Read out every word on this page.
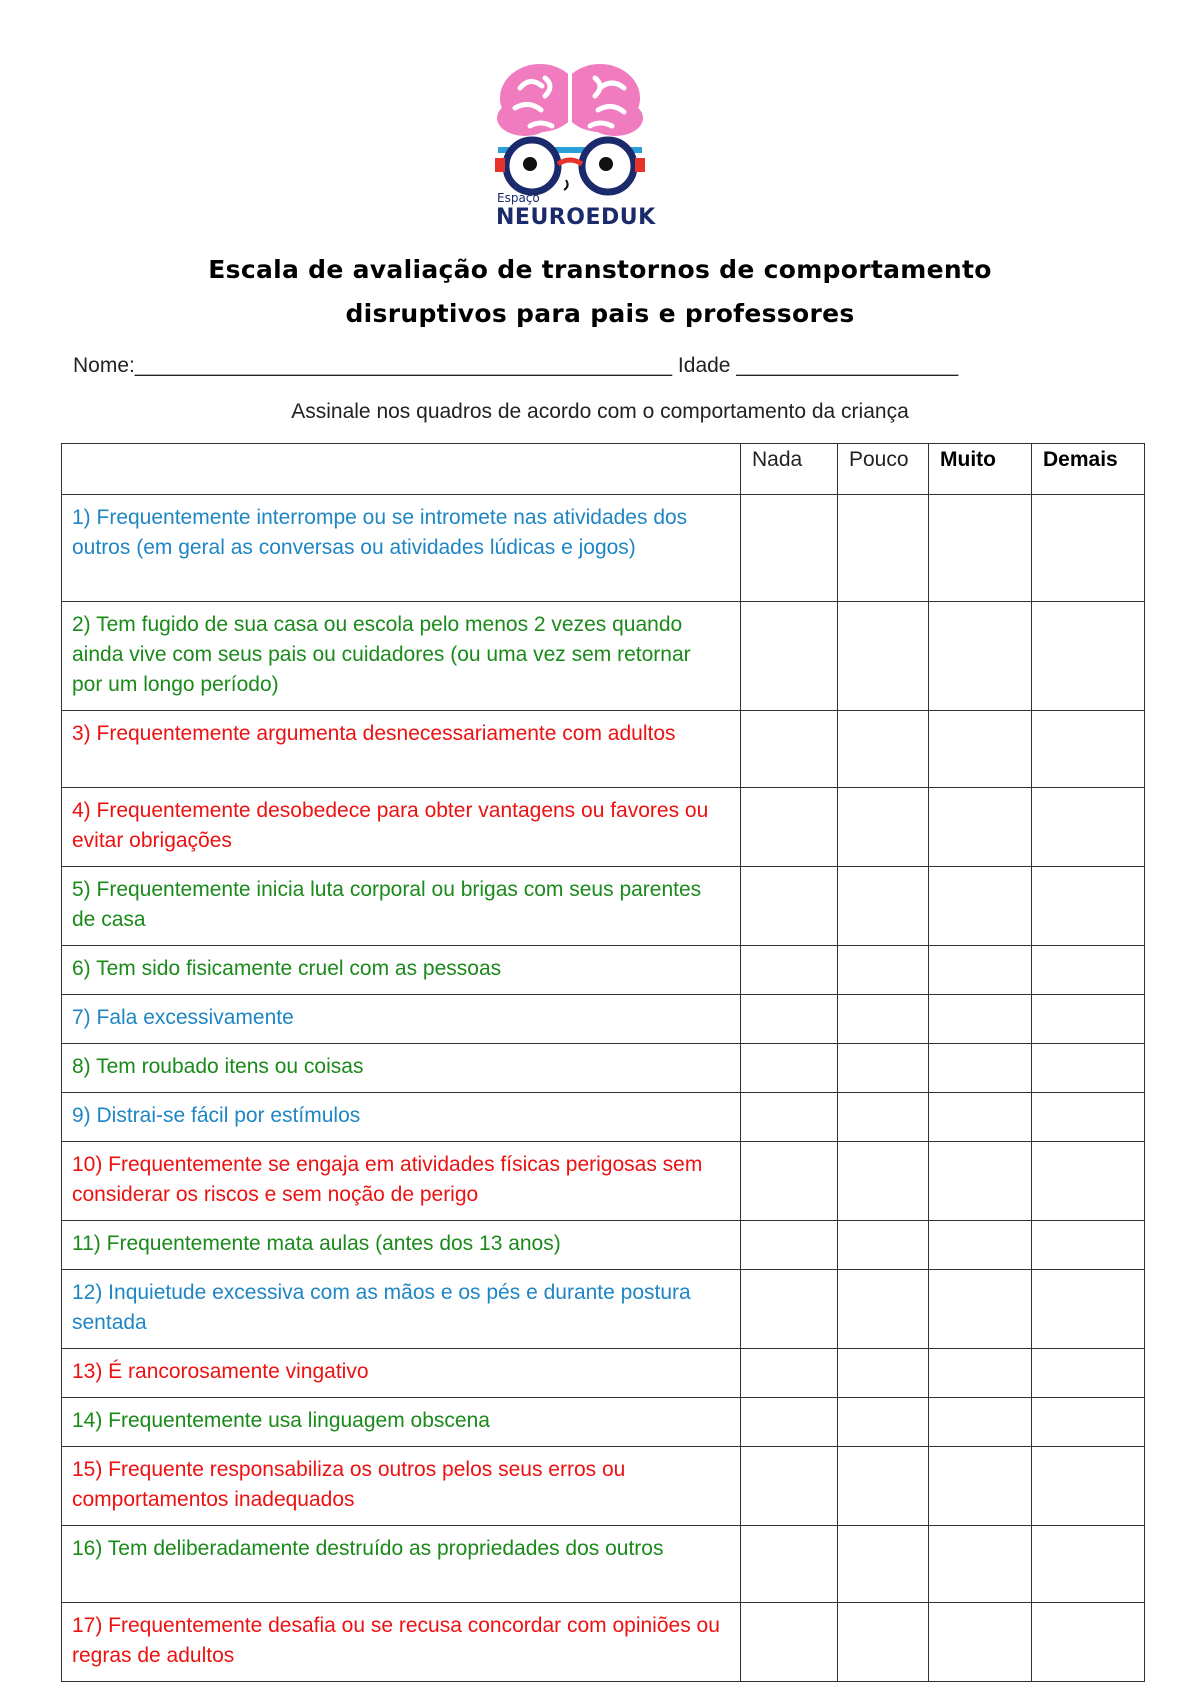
Espaço
NEUROEDUK
Escala de avaliação de transtornos de comportamento
disruptivos para pais e professores
Nome:______________________________________________ Idade ___________________
Assinale nos quadros de acordo com o comportamento da criança
	Nada	Pouco	Muito	Demais
1) Frequentemente interrompe ou se intromete nas atividades dos outros (em geral as conversas ou atividades lúdicas e jogos)				
2) Tem fugido de sua casa ou escola pelo menos 2 vezes quando ainda vive com seus pais ou cuidadores (ou uma vez sem retornar por um longo período)				
3) Frequentemente argumenta desnecessariamente com adultos				
4) Frequentemente desobedece para obter vantagens ou favores ou evitar obrigações				
5) Frequentemente inicia luta corporal ou brigas com seus parentes de casa				
6) Tem sido fisicamente cruel com as pessoas				
7) Fala excessivamente				
8) Tem roubado itens ou coisas				
9) Distrai-se fácil por estímulos				
10) Frequentemente se engaja em atividades físicas perigosas sem considerar os riscos e sem noção de perigo				
11) Frequentemente mata aulas (antes dos 13 anos)				
12) Inquietude excessiva com as mãos e os pés e durante postura sentada				
13) É rancorosamente vingativo				
14) Frequentemente usa linguagem obscena				
15) Frequente responsabiliza os outros pelos seus erros ou comportamentos inadequados				
16) Tem deliberadamente destruído as propriedades dos outros				
17) Frequentemente desafia ou se recusa concordar com opiniões ou regras de adultos				
